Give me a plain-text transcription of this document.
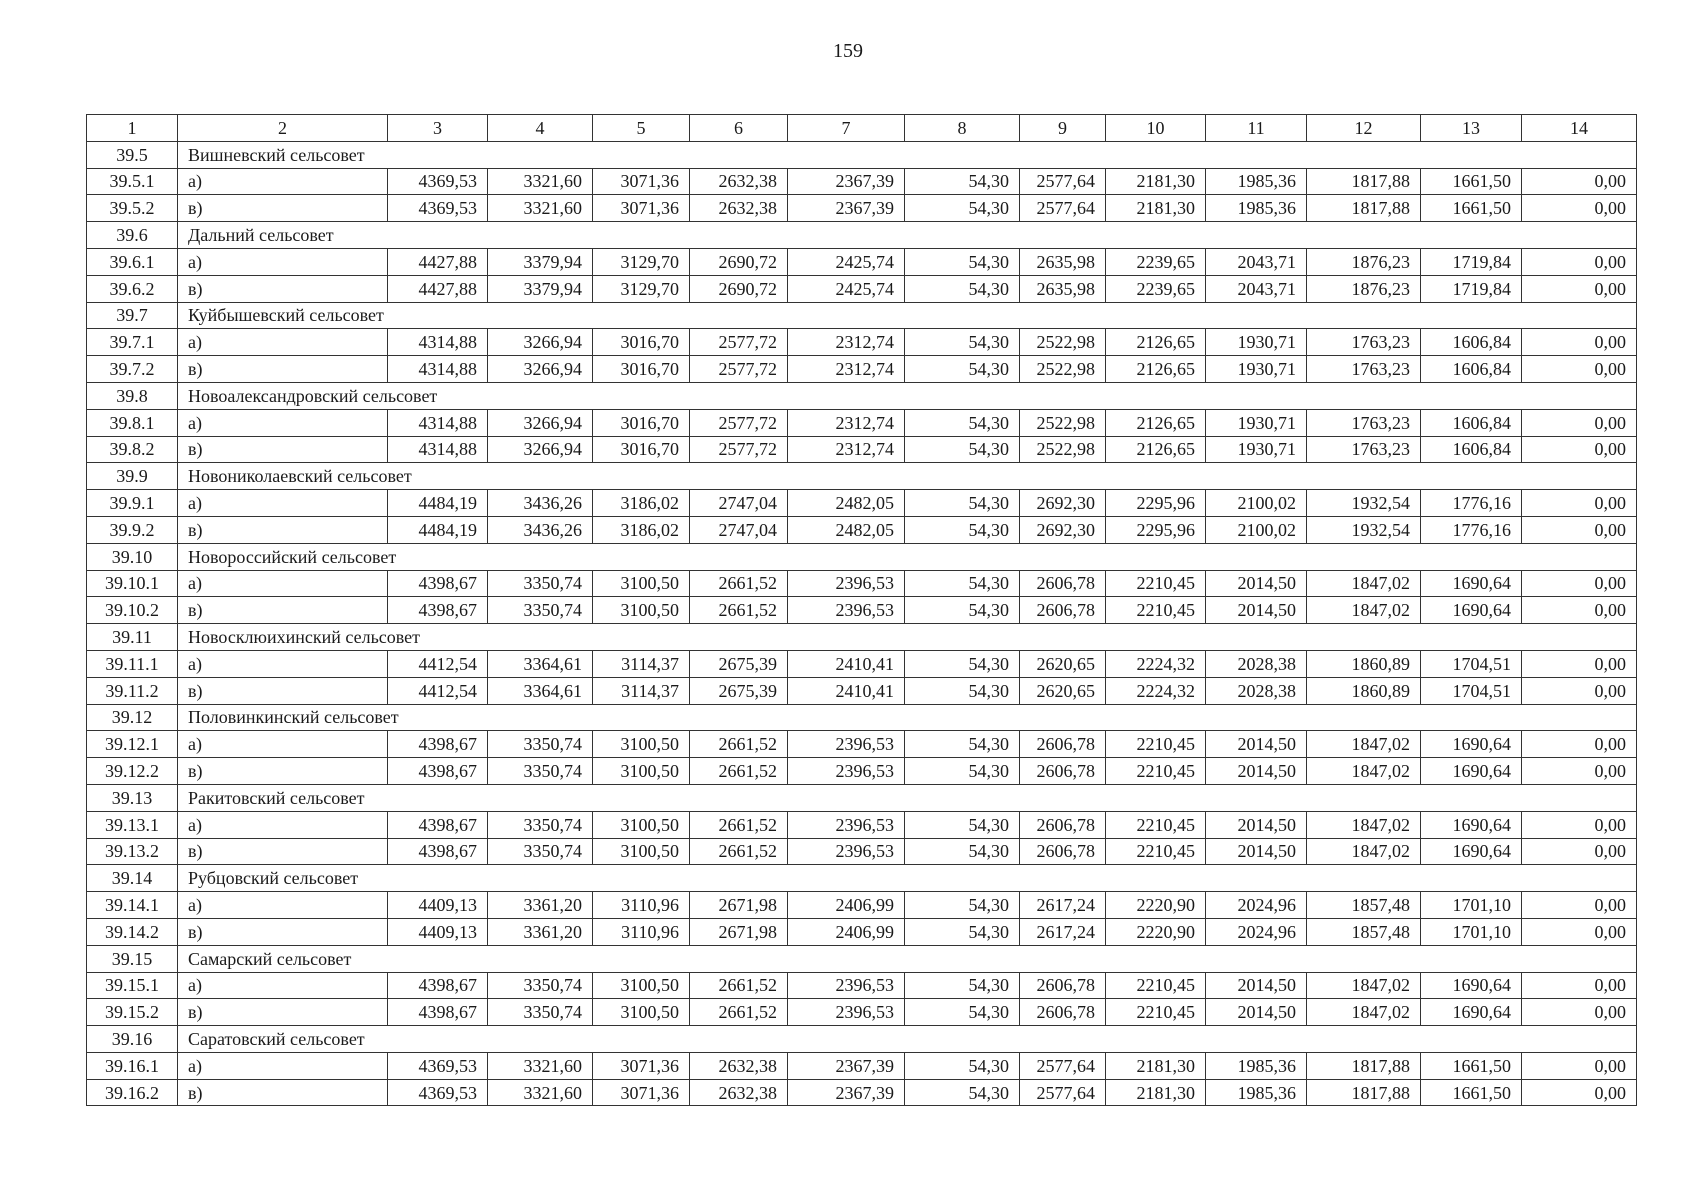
159
1	2	3	4	5	6	7	8	9	10	11	12	13	14
39.5	Вишневский сельсовет												
39.5.1	а)	4369,53	3321,60	3071,36	2632,38	2367,39	54,30	2577,64	2181,30	1985,36	1817,88	1661,50	0,00
39.5.2	в)	4369,53	3321,60	3071,36	2632,38	2367,39	54,30	2577,64	2181,30	1985,36	1817,88	1661,50	0,00
39.6	Дальний сельсовет												
39.6.1	а)	4427,88	3379,94	3129,70	2690,72	2425,74	54,30	2635,98	2239,65	2043,71	1876,23	1719,84	0,00
39.6.2	в)	4427,88	3379,94	3129,70	2690,72	2425,74	54,30	2635,98	2239,65	2043,71	1876,23	1719,84	0,00
39.7	Куйбышевский сельсовет												
39.7.1	а)	4314,88	3266,94	3016,70	2577,72	2312,74	54,30	2522,98	2126,65	1930,71	1763,23	1606,84	0,00
39.7.2	в)	4314,88	3266,94	3016,70	2577,72	2312,74	54,30	2522,98	2126,65	1930,71	1763,23	1606,84	0,00
39.8	Новоалександровский сельсовет												
39.8.1	а)	4314,88	3266,94	3016,70	2577,72	2312,74	54,30	2522,98	2126,65	1930,71	1763,23	1606,84	0,00
39.8.2	в)	4314,88	3266,94	3016,70	2577,72	2312,74	54,30	2522,98	2126,65	1930,71	1763,23	1606,84	0,00
39.9	Новониколаевский сельсовет												
39.9.1	а)	4484,19	3436,26	3186,02	2747,04	2482,05	54,30	2692,30	2295,96	2100,02	1932,54	1776,16	0,00
39.9.2	в)	4484,19	3436,26	3186,02	2747,04	2482,05	54,30	2692,30	2295,96	2100,02	1932,54	1776,16	0,00
39.10	Новороссийский сельсовет												
39.10.1	а)	4398,67	3350,74	3100,50	2661,52	2396,53	54,30	2606,78	2210,45	2014,50	1847,02	1690,64	0,00
39.10.2	в)	4398,67	3350,74	3100,50	2661,52	2396,53	54,30	2606,78	2210,45	2014,50	1847,02	1690,64	0,00
39.11	Новосклюихинский сельсовет												
39.11.1	а)	4412,54	3364,61	3114,37	2675,39	2410,41	54,30	2620,65	2224,32	2028,38	1860,89	1704,51	0,00
39.11.2	в)	4412,54	3364,61	3114,37	2675,39	2410,41	54,30	2620,65	2224,32	2028,38	1860,89	1704,51	0,00
39.12	Половинкинский сельсовет												
39.12.1	а)	4398,67	3350,74	3100,50	2661,52	2396,53	54,30	2606,78	2210,45	2014,50	1847,02	1690,64	0,00
39.12.2	в)	4398,67	3350,74	3100,50	2661,52	2396,53	54,30	2606,78	2210,45	2014,50	1847,02	1690,64	0,00
39.13	Ракитовский сельсовет												
39.13.1	а)	4398,67	3350,74	3100,50	2661,52	2396,53	54,30	2606,78	2210,45	2014,50	1847,02	1690,64	0,00
39.13.2	в)	4398,67	3350,74	3100,50	2661,52	2396,53	54,30	2606,78	2210,45	2014,50	1847,02	1690,64	0,00
39.14	Рубцовский сельсовет												
39.14.1	а)	4409,13	3361,20	3110,96	2671,98	2406,99	54,30	2617,24	2220,90	2024,96	1857,48	1701,10	0,00
39.14.2	в)	4409,13	3361,20	3110,96	2671,98	2406,99	54,30	2617,24	2220,90	2024,96	1857,48	1701,10	0,00
39.15	Самарский сельсовет												
39.15.1	а)	4398,67	3350,74	3100,50	2661,52	2396,53	54,30	2606,78	2210,45	2014,50	1847,02	1690,64	0,00
39.15.2	в)	4398,67	3350,74	3100,50	2661,52	2396,53	54,30	2606,78	2210,45	2014,50	1847,02	1690,64	0,00
39.16	Саратовский сельсовет												
39.16.1	а)	4369,53	3321,60	3071,36	2632,38	2367,39	54,30	2577,64	2181,30	1985,36	1817,88	1661,50	0,00
39.16.2	в)	4369,53	3321,60	3071,36	2632,38	2367,39	54,30	2577,64	2181,30	1985,36	1817,88	1661,50	0,00
